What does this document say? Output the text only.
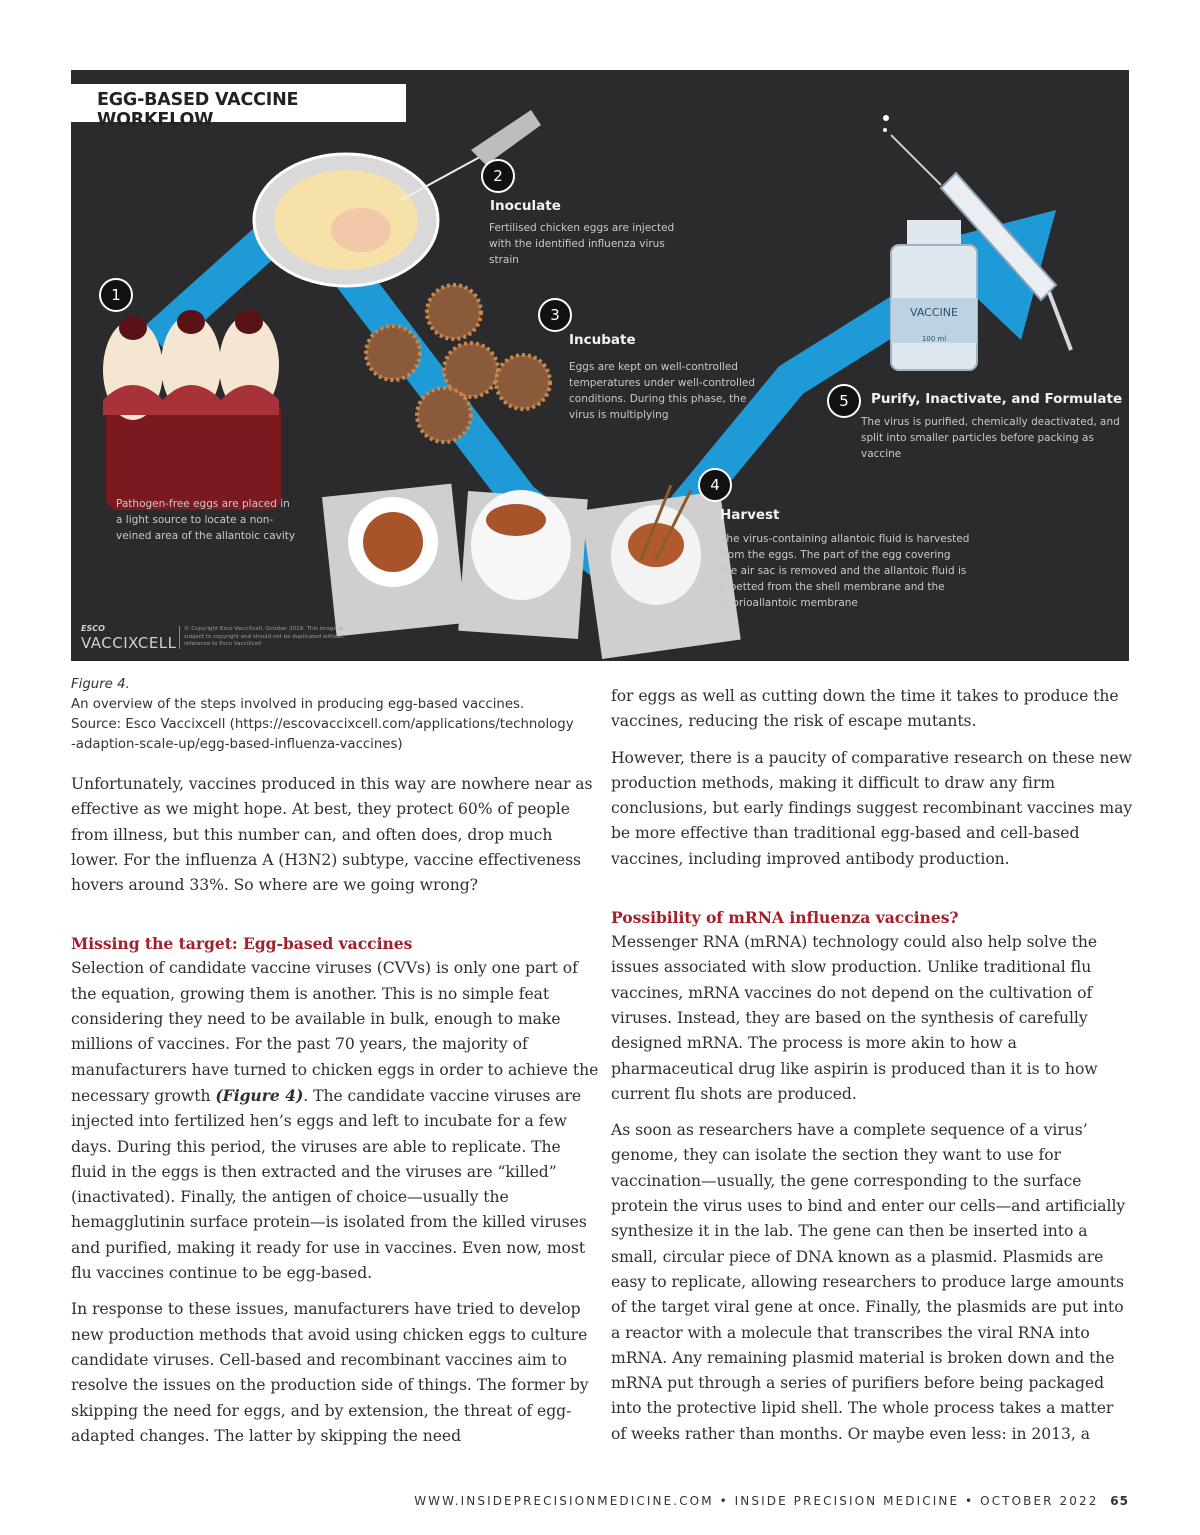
EGG-BASED VACCINE WORKFLOW
1
Pathogen-free eggs are placed in a light source to locate a non-veined area of the allantoic cavity
2
Inoculate
Fertilised chicken eggs are injected with the identified influenza virus strain
3
Incubate
Eggs are kept on well-controlled temperatures under well-controlled conditions. During this phase, the virus is multiplying
4
Harvest
The virus-containing allantoic fluid is harvested from the eggs. The part of the egg covering the air sac is removed and the allantoic fluid is pipetted from the shell membrane and the chorioallantoic membrane
5	Purify, Inactivate, and Formulate
The virus is purified, chemically deactivated, and split into smaller particles before packing as vaccine
VACCINE
100 ml
ESCO
VACCIXCELL
© Copyright Esco VacciXcell, October 2019. This image is subject to copyright and should not be duplicated without reference to Esco VacciXcell
Figure 4.
An overview of the steps involved in producing egg-based vaccines.
Source: Esco Vaccixcell (https://escovaccixcell.com/applications/technology
-adaption-scale-up/egg-based-influenza-vaccines)

Unfortunately, vaccines produced in this way are nowhere near as effective as we might hope. At best, they protect 60% of people from illness, but this number can, and often does, drop much lower. For the influenza A (H3N2) subtype, vaccine effectiveness hovers around 33%. So where are we going wrong?

Missing the target: Egg-based vaccines

Selection of candidate vaccine viruses (CVVs) is only one part of the equation, growing them is another. This is no simple feat considering they need to be available in bulk, enough to make millions of vaccines. For the past 70 years, the majority of manufacturers have turned to chicken eggs in order to achieve the necessary growth (Figure 4). The candidate vaccine viruses are injected into fertilized hen’s eggs and left to incubate for a few days. During this period, the viruses are able to replicate. The fluid in the eggs is then extracted and the viruses are “killed” (inactivated). Finally, the antigen of choice—usually the hemagglutinin surface protein—is isolated from the killed viruses and purified, making it ready for use in vaccines. Even now, most flu vaccines continue to be egg-based.

In response to these issues, manufacturers have tried to develop new production methods that avoid using chicken eggs to culture candidate viruses. Cell-based and recombinant vaccines aim to resolve the issues on the production side of things. The former by skipping the need for eggs, and by extension, the threat of egg-adapted changes. The latter by skipping the need

for eggs as well as cutting down the time it takes to produce the vaccines, reducing the risk of escape mutants.

However, there is a paucity of comparative research on these new production methods, making it difficult to draw any firm conclusions, but early findings suggest recombinant vaccines may be more effective than traditional egg-based and cell-based vaccines, including improved antibody production.

Possibility of mRNA influenza vaccines?

Messenger RNA (mRNA) technology could also help solve the issues associated with slow production. Unlike traditional flu vaccines, mRNA vaccines do not depend on the cultivation of viruses. Instead, they are based on the synthesis of carefully designed mRNA. The process is more akin to how a pharmaceutical drug like aspirin is produced than it is to how current flu shots are produced.

As soon as researchers have a complete sequence of a virus’ genome, they can isolate the section they want to use for vaccination—usually, the gene corresponding to the surface protein the virus uses to bind and enter our cells—and artificially synthesize it in the lab. The gene can then be inserted into a small, circular piece of DNA known as a plasmid. Plasmids are easy to replicate, allowing researchers to produce large amounts of the target viral gene at once. Finally, the plasmids are put into a reactor with a molecule that transcribes the viral RNA into mRNA. Any remaining plasmid material is broken down and the mRNA put through a series of purifiers before being packaged into the protective lipid shell. The whole process takes a matter of weeks rather than months. Or maybe even less: in 2013, a

WWW.INSIDEPRECISIONMEDICINE.COM • INSIDE PRECISION MEDICINE • OCTOBER 2022 65
